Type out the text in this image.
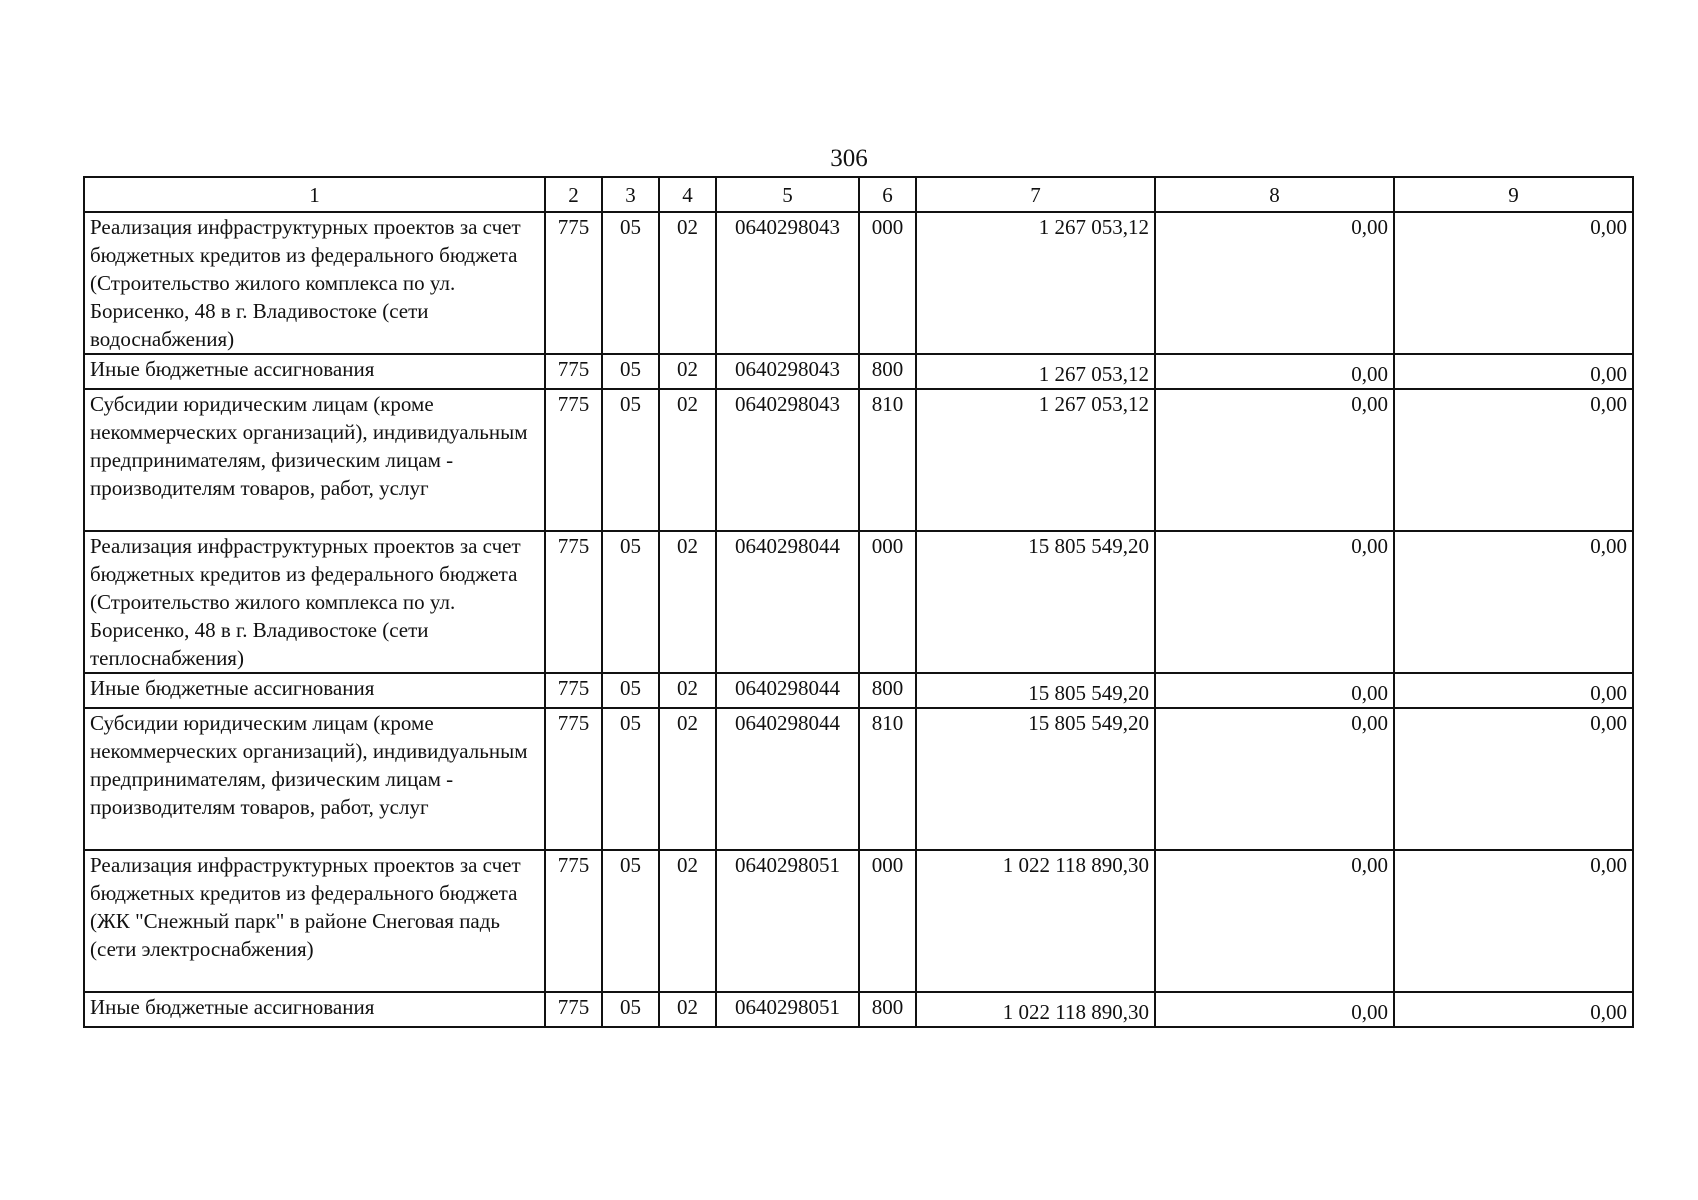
306
1	2	3	4	5	6	7	8	9
Реализация инфраструктурных проектов за счет бюджетных кредитов из федерального бюджета (Строительство жилого комплекса по ул. Борисенко, 48 в г. Владивостоке (сети водоснабжения)	775	05	02	0640298043	000	1 267 053,12	0,00	0,00
Иные бюджетные ассигнования	775	05	02	0640298043	800	1 267 053,12	0,00	0,00
Субсидии юридическим лицам (кроме некоммерческих организаций), индивидуальным предпринимателям, физическим лицам - производителям товаров, работ, услуг	775	05	02	0640298043	810	1 267 053,12	0,00	0,00
Реализация инфраструктурных проектов за счет бюджетных кредитов из федерального бюджета (Строительство жилого комплекса по ул. Борисенко, 48 в г. Владивостоке (сети теплоснабжения)	775	05	02	0640298044	000	15 805 549,20	0,00	0,00
Иные бюджетные ассигнования	775	05	02	0640298044	800	15 805 549,20	0,00	0,00
Субсидии юридическим лицам (кроме некоммерческих организаций), индивидуальным предпринимателям, физическим лицам - производителям товаров, работ, услуг	775	05	02	0640298044	810	15 805 549,20	0,00	0,00
Реализация инфраструктурных проектов за счет бюджетных кредитов из федерального бюджета (ЖК "Снежный парк" в районе Снеговая падь (сети электроснабжения)	775	05	02	0640298051	000	1 022 118 890,30	0,00	0,00
Иные бюджетные ассигнования	775	05	02	0640298051	800	1 022 118 890,30	0,00	0,00
